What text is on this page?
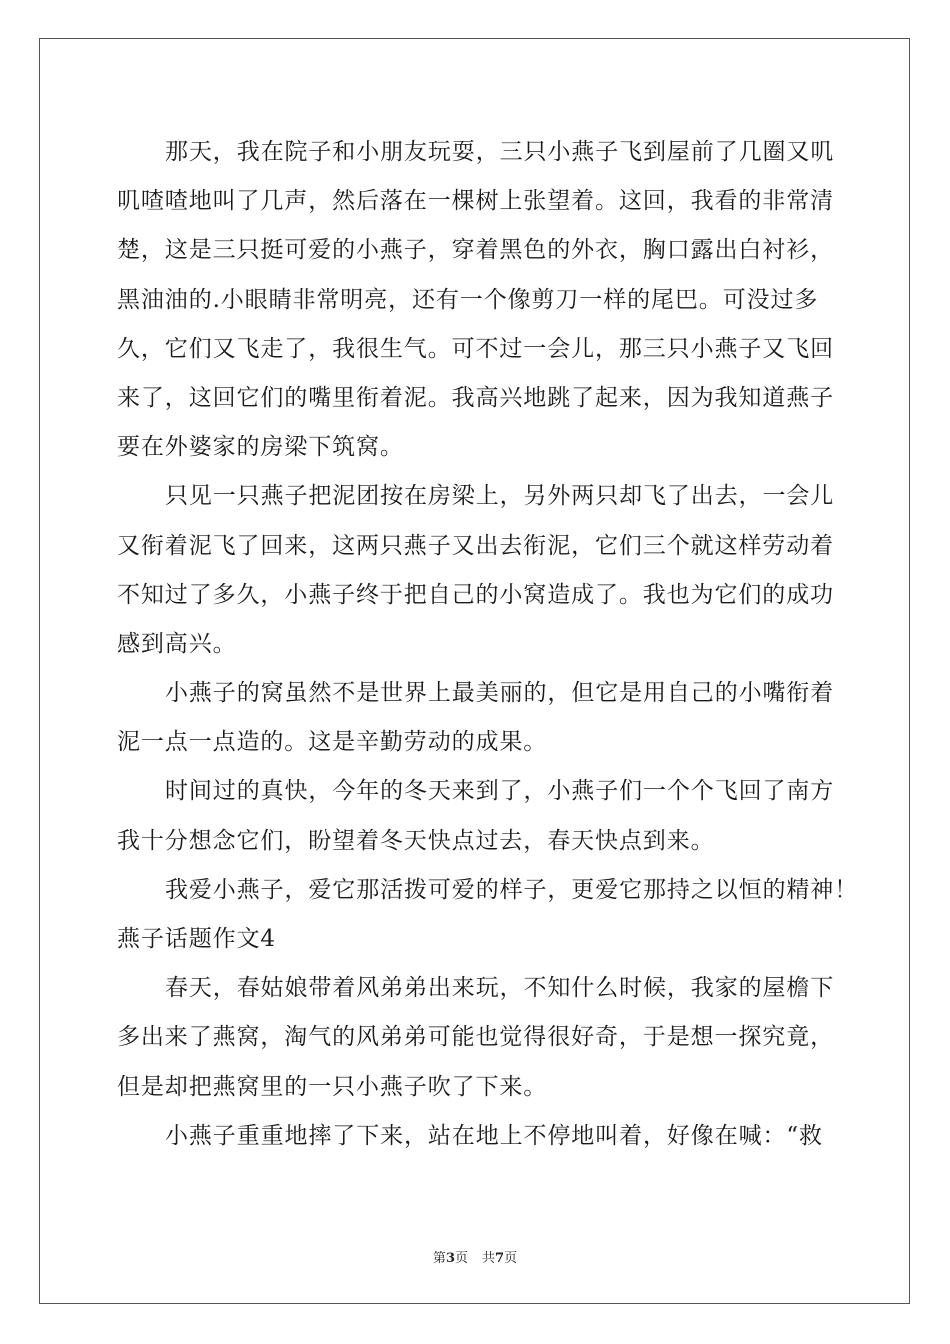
那天，我在院子和小朋友玩耍，三只小燕子飞到屋前了几圈又叽
叽喳喳地叫了几声，然后落在一棵树上张望着。这回，我看的非常清
楚，这是三只挺可爱的小燕子，穿着黑色的外衣，胸口露出白衬衫，
黑油油的.小眼睛非常明亮，还有一个像剪刀一样的尾巴。可没过多
久，它们又飞走了，我很生气。可不过一会儿，那三只小燕子又飞回
来了，这回它们的嘴里衔着泥。我高兴地跳了起来，因为我知道燕子
要在外婆家的房梁下筑窝。
只见一只燕子把泥团按在房梁上，另外两只却飞了出去，一会儿
又衔着泥飞了回来，这两只燕子又出去衔泥，它们三个就这样劳动着
不知过了多久，小燕子终于把自己的小窝造成了。我也为它们的成功
感到高兴。
小燕子的窝虽然不是世界上最美丽的，但它是用自己的小嘴衔着
泥一点一点造的。这是辛勤劳动的成果。
时间过的真快，今年的冬天来到了，小燕子们一个个飞回了南方
我十分想念它们，盼望着冬天快点过去，春天快点到来。
我爱小燕子，爱它那活拨可爱的样子，更爱它那持之以恒的精神！
燕子话题作文4
春天，春姑娘带着风弟弟出来玩，不知什么时候，我家的屋檐下
多出来了燕窝，淘气的风弟弟可能也觉得很好奇，于是想一探究竟，
但是却把燕窝里的一只小燕子吹了下来。
小燕子重重地摔了下来，站在地上不停地叫着，好像在喊：“救
第3页 共7页
